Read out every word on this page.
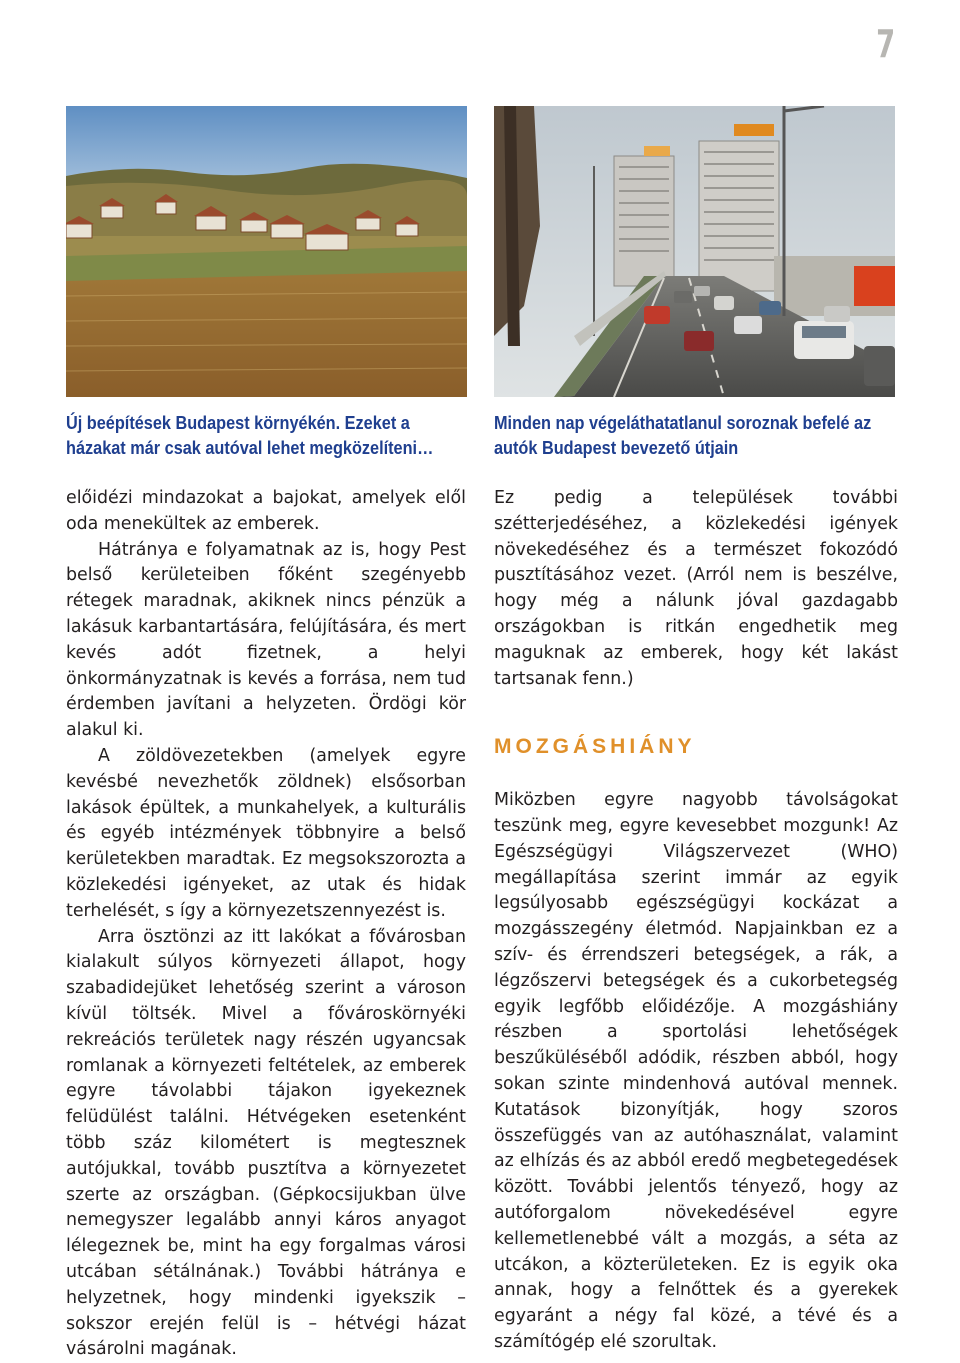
7
Új beépítések Budapest környékén. Ezeket a házakat már csak autóval lehet megközelíteni…
Minden nap végeláthatatlanul soroznak befelé az autók Budapest bevezető útjain

előidézi mindazokat a bajokat, amelyek elől oda menekültek az emberek.

Hátránya e folyamatnak az is, hogy Pest belső kerületeiben főként szegényebb rétegek maradnak, akiknek nincs pénzük a lakásuk karbantartására, felújítására, és mert kevés adót fizetnek, a helyi önkormányzatnak is kevés a forrása, nem tud érdemben javítani a helyzeten. Ördögi kör alakul ki.

A zöldövezetekben (amelyek egyre kevésbé nevezhetők zöldnek) elsősorban lakások épültek, a munkahelyek, a kulturális és egyéb intézmények többnyire a belső kerületekben maradtak. Ez megsokszorozta a közlekedési igényeket, az utak és hidak terhelését, s így a környezetszennyezést is.

Arra ösztönzi az itt lakókat a fővárosban kialakult súlyos környezeti állapot, hogy szabadidejüket lehetőség szerint a városon kívül töltsék. Mivel a fővároskörnyéki rekreációs területek nagy részén ugyancsak romlanak a környezeti feltételek, az emberek egyre távolabbi tájakon igyekeznek felüdülést találni. Hétvégeken esetenként több száz kilométert is megtesznek autójukkal, tovább pusztítva a környezetet szerte az országban. (Gépkocsijukban ülve nemegyszer legalább annyi káros anyagot lélegeznek be, mint ha egy forgalmas városi utcában sétálnának.) További hátránya e helyzetnek, hogy mindenki igyekszik – sokszor erején felül is – hétvégi házat vásárolni magának.

Ez pedig a települések további szétterjedéséhez, a közlekedési igények növekedéséhez és a természet fokozódó pusztításához vezet. (Arról nem is beszélve, hogy még a nálunk jóval gazdagabb országokban is ritkán engedhetik meg maguknak az emberek, hogy két lakást tartsanak fenn.)

MOZGÁSHIÁNY

Miközben egyre nagyobb távolságokat teszünk meg, egyre kevesebbet mozgunk! Az Egészségügyi Világszervezet (WHO) megállapítása szerint immár az egyik legsúlyosabb egészségügyi kockázat a mozgásszegény életmód. Napjainkban ez a szív- és érrendszeri betegségek, a rák, a légzőszervi betegségek és a cukorbetegség egyik legfőbb előidézője. A mozgáshiány részben a sportolási lehetőségek beszűküléséből adódik, részben abból, hogy sokan szinte mindenhová autóval mennek. Kutatások bizonyítják, hogy szoros összefüggés van az autóhasználat, valamint az elhízás és az abból eredő megbetegedések között. További jelentős tényező, hogy az autóforgalom növekedésével egyre kellemetlenebbé vált a mozgás, a séta az utcákon, a közterületeken. Ez is egyik oka annak, hogy a felnőttek és a gyerekek egyaránt a négy fal közé, a tévé és a számítógép elé szorultak.
